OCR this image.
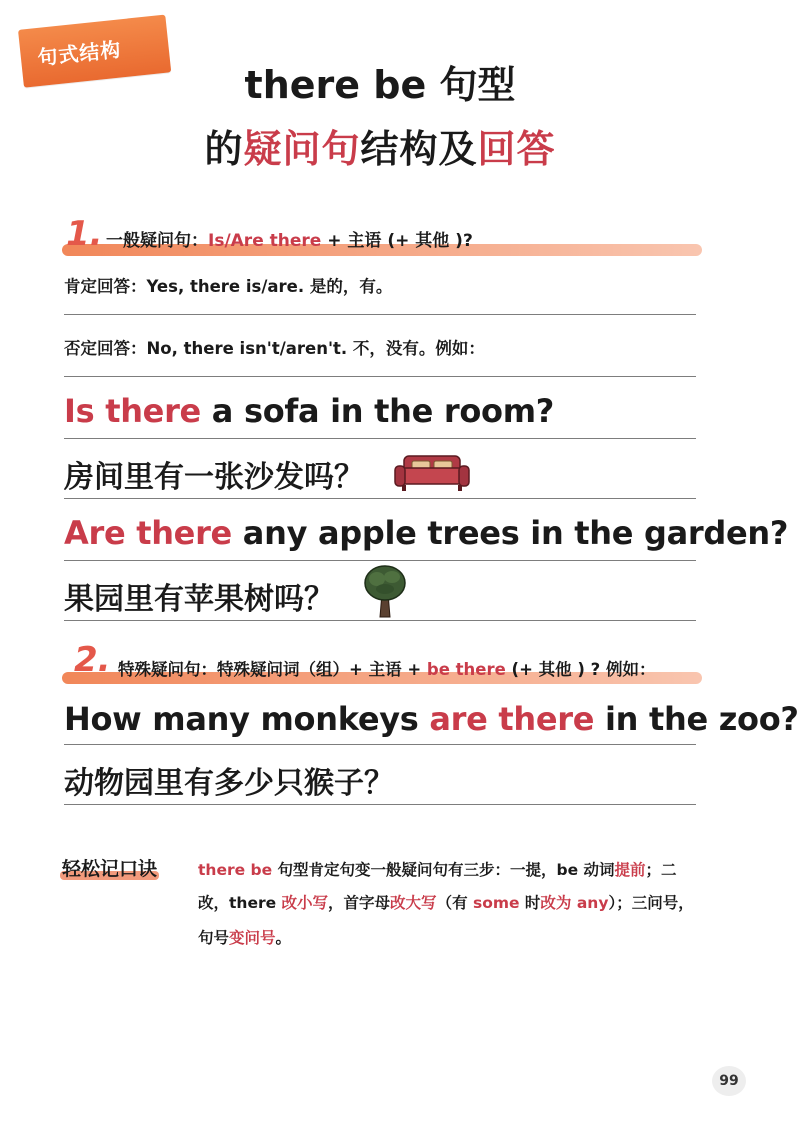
句式结构
there be 句型
的疑问句结构及回答
1. 一般疑问句：Is/Are there + 主语 (+ 其他 )?
肯定回答：Yes, there is/are. 是的，有。
否定回答：No, there isn't/aren't. 不，没有。例如：
Is there a sofa in the room?
房间里有一张沙发吗？
Are there any apple trees in the garden?
果园里有苹果树吗？
2. 特殊疑问句：特殊疑问词（组）+ 主语 + be there (+ 其他 ) ? 例如：
How many monkeys are there in the zoo?
动物园里有多少只猴子？
轻松记口诀	there be 句型肯定句变一般疑问句有三步：一提，be 动词提前；二
改，there 改小写，首字母改大写（有 some 时改为 any）；三问号，
句号变问号。
99
